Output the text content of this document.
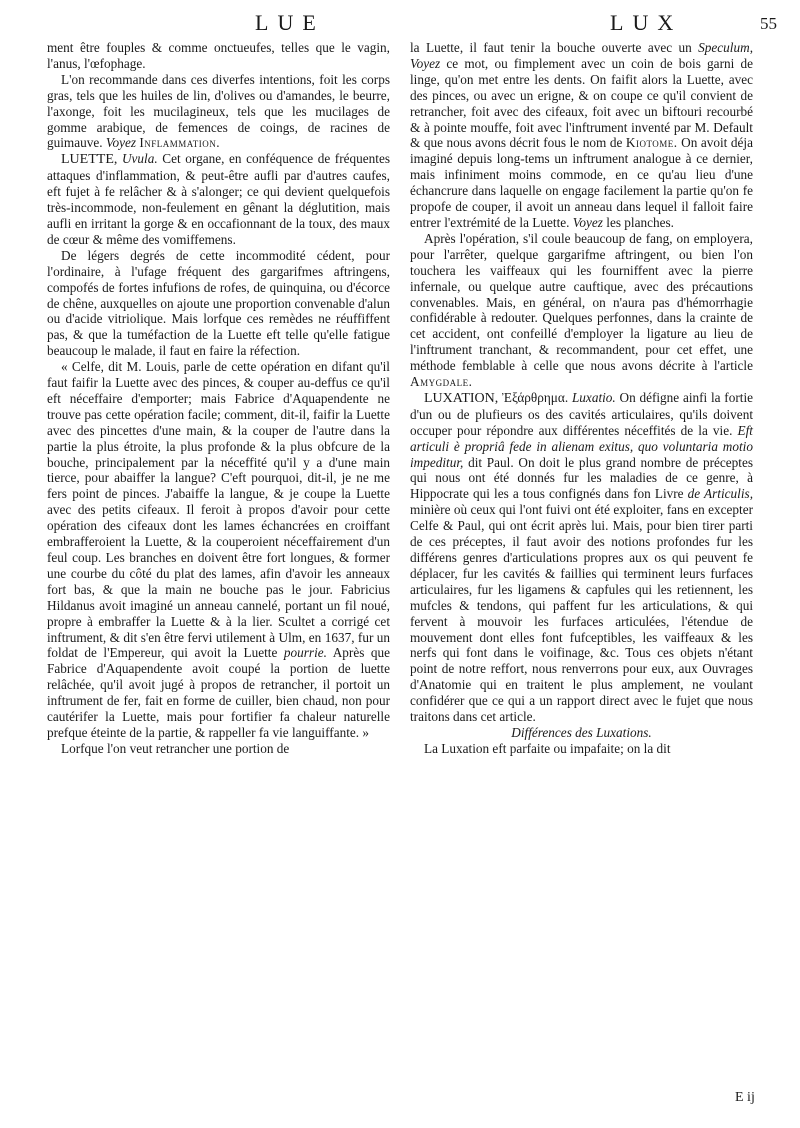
LUE	LUX	55

ment être fouples & comme onctueufes, telles que le vagin, l'anus, l'œfophage.

L'on recommande dans ces diverfes intentions, foit les corps gras, tels que les huiles de lin, d'olives ou d'amandes, le beurre, l'axonge, foit les mucilagineux, tels que les mucilages de gomme arabique, de femences de coings, de racines de guimauve. Voyez Inflammation.

LUETTE, Uvula. Cet organe, en conféquence de fréquentes attaques d'inflammation, & peut-être aufli par d'autres caufes, eft fujet à fe relâcher & à s'alonger; ce qui devient quelquefois très-incommode, non-feulement en gênant la déglutition, mais aufli en irritant la gorge & en occafionnant de la toux, des maux de cœur & même des vomiffemens.

De légers degrés de cette incommodité cédent, pour l'ordinaire, à l'ufage fréquent des gargarifmes aftringens, compofés de fortes infufions de rofes, de quinquina, ou d'écorce de chêne, auxquelles on ajoute une proportion convenable d'alun ou d'acide vitriolique. Mais lorfque ces remèdes ne réuffiffent pas, & que la tuméfaction de la Luette eft telle qu'elle fatigue beaucoup le malade, il faut en faire la réfection.

« Celfe, dit M. Louis, parle de cette opération en difant qu'il faut faifir la Luette avec des pinces, & couper au-deffus ce qu'il eft néceffaire d'emporter; mais Fabrice d'Aquapendente ne trouve pas cette opération facile; comment, dit-il, faifir la Luette avec des pincettes d'une main, & la couper de l'autre dans la partie la plus étroite, la plus profonde & la plus obfcure de la bouche, principalement par la néceffité qu'il y a d'une main tierce, pour abaiffer la langue? C'eft pourquoi, dit-il, je ne me fers point de pinces. J'abaiffe la langue, & je coupe la Luette avec des petits cifeaux. Il feroit à propos d'avoir pour cette opération des cifeaux dont les lames échancrées en croiffant embrafferoient la Luette, & la couperoient néceffairement d'un feul coup. Les branches en doivent être fort longues, & former une courbe du côté du plat des lames, afin d'avoir les anneaux fort bas, & que la main ne bouche pas le jour. Fabricius Hildanus avoit imaginé un anneau cannelé, portant un fil noué, propre à embraffer la Luette & à la lier. Scultet a corrigé cet inftrument, & dit s'en être fervi utilement à Ulm, en 1637, fur un foldat de l'Empereur, qui avoit la Luette pourrie. Après que Fabrice d'Aquapendente avoit coupé la portion de luette relâchée, qu'il avoit jugé à propos de retrancher, il portoit un inftrument de fer, fait en forme de cuiller, bien chaud, non pour cautérifer la Luette, mais pour fortifier fa chaleur naturelle prefque éteinte de la partie, & rappeller fa vie languiffante. »

Lorfque l'on veut retrancher une portion de

la Luette, il faut tenir la bouche ouverte avec un Speculum, Voyez ce mot, ou fimplement avec un coin de bois garni de linge, qu'on met entre les dents. On faifit alors la Luette, avec des pinces, ou avec un erigne, & on coupe ce qu'il convient de retrancher, foit avec des cifeaux, foit avec un biftouri recourbé & à pointe mouffe, foit avec l'inftrument inventé par M. Default & que nous avons décrit fous le nom de Kiotome. On avoit déja imaginé depuis long-tems un inftrument analogue à ce dernier, mais infiniment moins commode, en ce qu'au lieu d'une échancrure dans laquelle on engage facilement la partie qu'on fe propofe de couper, il avoit un anneau dans lequel il falloit faire entrer l'extrémité de la Luette. Voyez les planches.

Après l'opération, s'il coule beaucoup de fang, on employera, pour l'arrêter, quelque gargarifme aftringent, ou bien l'on touchera les vaiffeaux qui les fourniffent avec la pierre infernale, ou quelque autre cauftique, avec des précautions convenables. Mais, en général, on n'aura pas d'hémorrhagie confidérable à redouter. Quelques perfonnes, dans la crainte de cet accident, ont confeillé d'employer la ligature au lieu de l'inftrument tranchant, & recommandent, pour cet effet, une méthode femblable à celle que nous avons décrite à l'article Amygdale.

LUXATION, Ἐξάρθρημα. Luxatio. On défigne ainfi la fortie d'un ou de plufieurs os des cavités articulaires, qu'ils doivent occuper pour répondre aux différentes néceffités de la vie. Eft articuli è propriâ fede in alienam exitus, quo voluntaria motio impeditur, dit Paul. On doit le plus grand nombre de préceptes qui nous ont été donnés fur les maladies de ce genre, à Hippocrate qui les a tous confignés dans fon Livre de Articulis, minière où ceux qui l'ont fuivi ont été exploiter, fans en excepter Celfe & Paul, qui ont écrit après lui. Mais, pour bien tirer parti de ces préceptes, il faut avoir des notions profondes fur les différens genres d'articulations propres aux os qui peuvent fe déplacer, fur les cavités & faillies qui terminent leurs furfaces articulaires, fur les ligamens & capfules qui les retiennent, les mufcles & tendons, qui paffent fur les articulations, & qui fervent à mouvoir les furfaces articulées, l'étendue de mouvement dont elles font fufceptibles, les vaiffeaux & les nerfs qui font dans le voifinage, &c. Tous ces objets n'étant point de notre reffort, nous renverrons pour eux, aux Ouvrages d'Anatomie qui en traitent le plus amplement, ne voulant confidérer que ce qui a un rapport direct avec le fujet que nous traitons dans cet article.

Différences des Luxations.

La Luxation eft parfaite ou impafaite; on la dit

E ij
